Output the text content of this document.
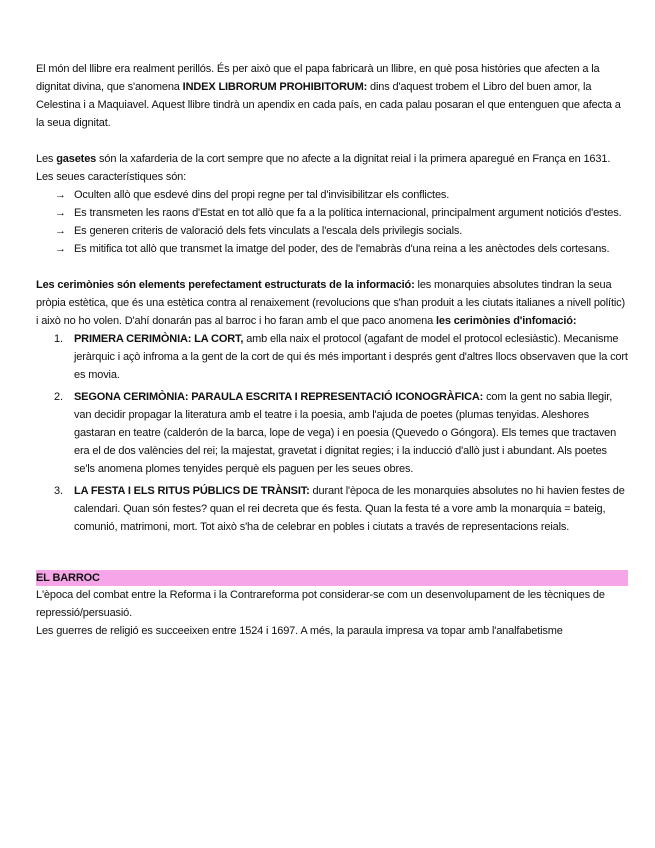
El món del llibre era realment perillós. És per això que el papa fabricarà un llibre, en què posa històries que afecten a la dignitat divina, que s'anomena INDEX LIBRORUM PROHIBITORUM: dins d'aquest trobem el Libro del buen amor, la Celestina i a Maquiavel. Aquest llibre tindrà un apendix en cada país, en cada palau posaran el que entenguen que afecta a la seua dignitat.

Les gasetes són la xafarderia de la cort sempre que no afecte a la dignitat reial i la primera aparegué en França en 1631. Les seues característiques són:

→ Oculten allò que esdevé dins del propi regne per tal d'invisibilitzar els conflictes.
→ Es transmeten les raons d'Estat en tot allò que fa a la política internacional, principalment argument noticiós d'estes.
→ Es generen criteris de valoració dels fets vinculats a l'escala dels privilegis socials.
→ Es mitifica tot allò que transmet la imatge del poder, des de l'emabràs d'una reina a les anèctodes dels cortesans.

Les cerimònies són elements perefectament estructurats de la informació: les monarquies absolutes tindran la seua pròpia estètica, que és una estètica contra al renaixement (revolucions que s'han produit a les ciutats italianes a nivell polític) i això no ho volen. D'ahí donarán pas al barroc i ho faran amb el que paco anomena les cerimònies d'infomació:

1. PRIMERA CERIMÒNIA: LA CORT, amb ella naix el protocol (agafant de model el protocol eclesiàstic). Mecanisme jeràrquic i açò infroma a la gent de la cort de qui és més important i després gent d'altres llocs observaven que la cort es movia.
2. SEGONA CERIMÒNIA: PARAULA ESCRITA I REPRESENTACIÓ ICONOGRÀFICA: com la gent no sabia llegir, van decidir propagar la literatura amb el teatre i la poesia, amb l'ajuda de poetes (plumas tenyidas. Aleshores gastaran en teatre (calderón de la barca, lope de vega) i en poesia (Quevedo o Góngora). Els temes que tractaven era el de dos valències del rei; la majestat, gravetat i dignitat regies; i la inducció d'allò just i abundant. Als poetes se'ls anomena plomes tenyides perquè els paguen per les seues obres.
3. LA FESTA I ELS RITUS PÚBLICS DE TRÀNSIT: durant l'època de les monarquies absolutes no hi havien festes de calendari. Quan són festes? quan el rei decreta que és festa. Quan la festa té a vore amb la monarquia = bateig, comunió, matrimoni, mort. Tot això s'ha de celebrar en pobles i ciutats a través de representacions reials.
EL BARROC

L'època del combat entre la Reforma i la Contrareforma pot considerar-se com un desenvolupament de les tècniques de repressió/persuasió.

Les guerres de religió es succeeixen entre 1524 i 1697. A més, la paraula impresa va topar amb l'analfabetisme
